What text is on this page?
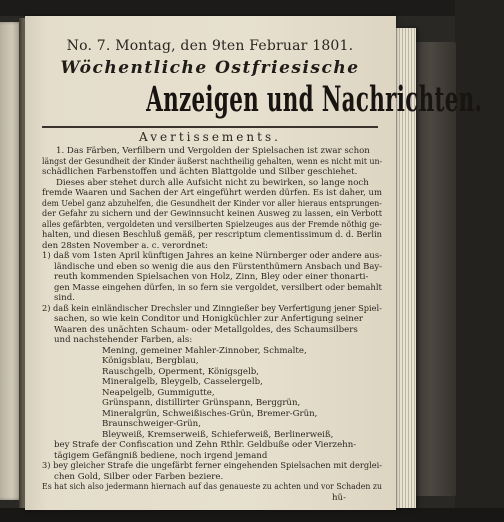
No. 7. Montag, den 9ten Februar 1801.
Wöchentliche Ostfriesische
Anzeigen und Nachrichten.
Avertissements.
1. Das Färben, Verfilbern und Vergolden der Spielsachen ist zwar schon
längst der Gesundheit der Kinder äußerst nachtheilig gehalten, wenn es nicht mit un-
schädlichen Farbenstoffen und ächten Blattgolde und Silber geschiehet.
Dieses aber stehet durch alle Aufsicht nicht zu bewirken, so lange noch
fremde Waaren und Sachen der Art eingeführt werden dürfen. Es ist daher, um
dem Uebel ganz abzuhelfen, die Gesundheit der Kinder vor aller hieraus entsprungen-
der Gefahr zu sichern und der Gewinnsucht keinen Ausweg zu lassen, ein Verbott
alles gefärbten, vergoldeten und versilberten Spielzeuges aus der Fremde nöthig ge-
halten, und diesen Beschluß gemäß, per rescriptum clementissimum d. d. Berlin
den 28sten November a. c. verordnet:
1) daß vom 1sten April künftigen Jahres an keine Nürnberger oder andere aus-
ländische und eben so wenig die aus den Fürstenthümern Ansbach und Bay-
reuth kommenden Spielsachen von Holz, Zinn, Bley oder einer thonarti-
gen Masse eingehen dürfen, in so fern sie vergoldet, versilbert oder bemahlt
sind.
2) daß kein einländischer Drechsler und Zinngießer bey Verfertigung jener Spiel-
sachen, so wie kein Conditor und Honigküchler zur Anfertigung seiner
Waaren des unächten Schaum- oder Metallgoldes, des Schaumsilbers
und nachstehender Farben, als:
Mening, gemeiner Mahler-Zinnober, Schmalte,
Königsblau, Bergblau,
Rauschgelb, Operment, Königsgelb,
Mineralgelb, Bleygelb, Casselergelb,
Neapelgelb, Gummigutte,
Grünspann, distillirter Grünspann, Berggrün,
Mineralgrün, Schweißisches-Grün, Bremer-Grün,
Braunschweiger-Grün,
Bleyweiß, Kremserweiß, Schieferweiß, Berlinerweiß,
bey Strafe der Confiscation und Zehn Rthlr. Geldbuße oder Vierzehn-
tägigem Gefängniß bediene, noch irgend jemand
3) bey gleicher Strafe die ungefärbt ferner eingehenden Spielsachen mit derglei-
chen Gold, Silber oder Farben beziere.
Es hat sich also jedermann hiernach auf das genaueste zu achten und vor Schaden zu
hü-
